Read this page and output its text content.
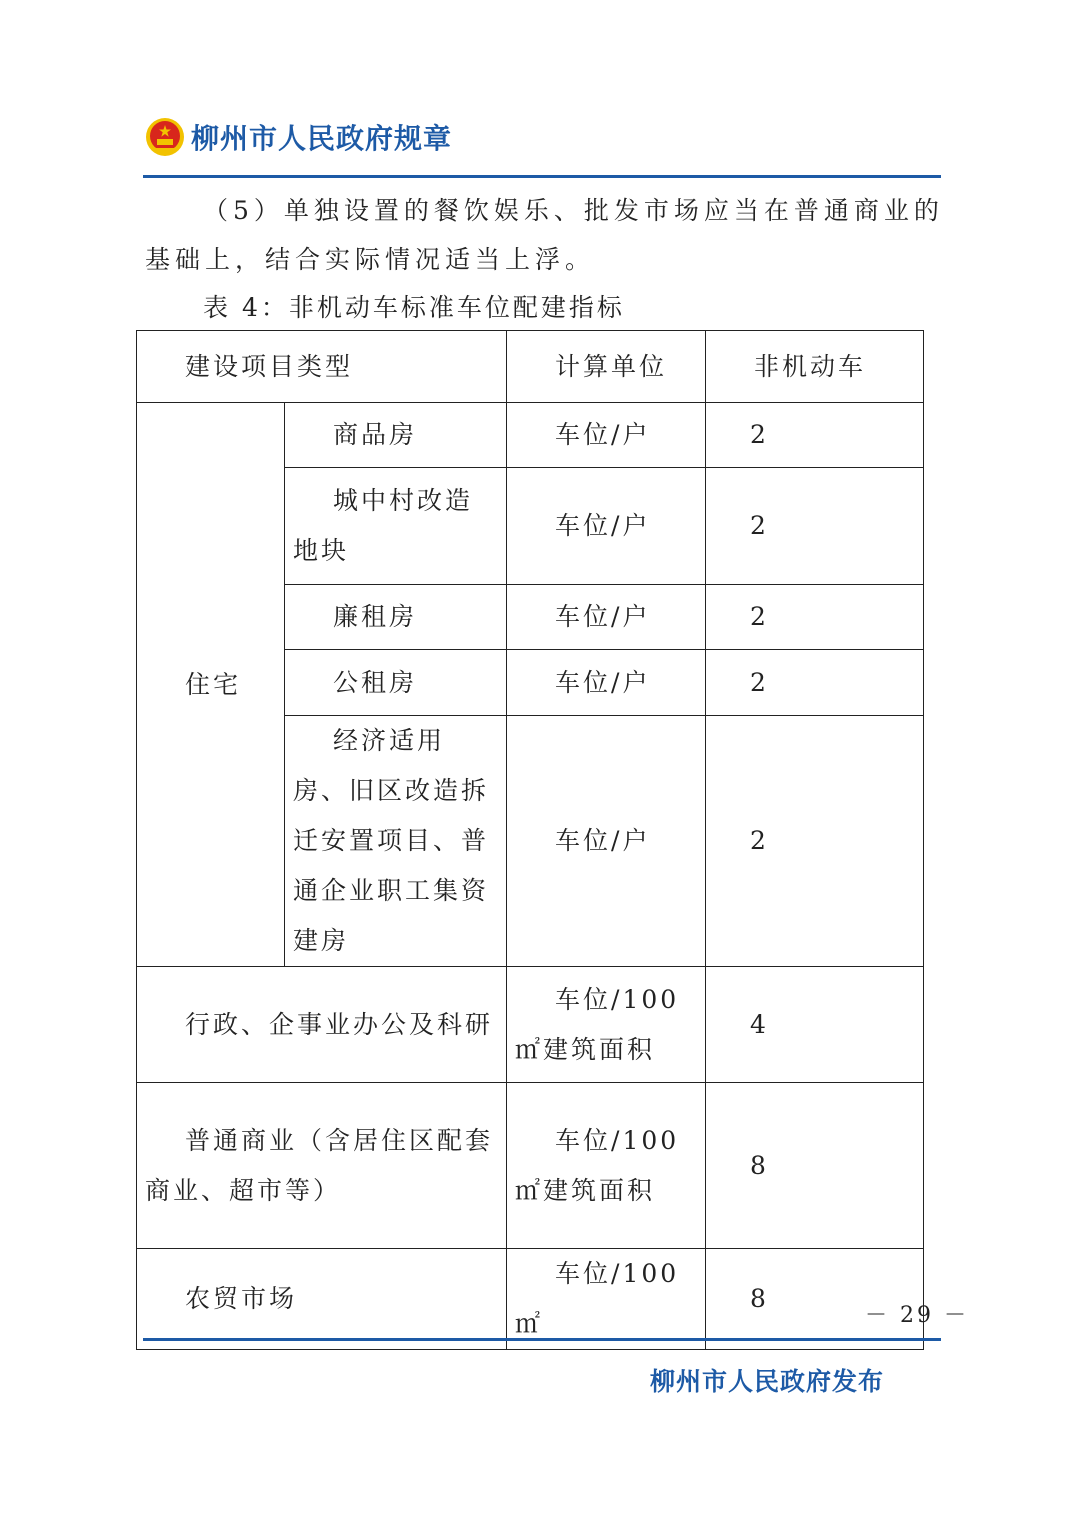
柳州市人民政府规章
（5）单独设置的餐饮娱乐、批发市场应当在普通商业的基础上，结合实际情况适当上浮。
表 4：非机动车标准车位配建指标
建设项目类型		计算单位	非机动车
住宅	商品房	车位/户	2
	城中村改造地块	车位/户	2
	廉租房	车位/户	2
	公租房	车位/户	2
	经济适用房、旧区改造拆迁安置项目、普通企业职工集资建房	车位/户	2
行政、企事业办公及科研		车位/100 ㎡建筑面积	4
普通商业（含居住区配套商业、超市等）		车位/100 ㎡建筑面积	8
农贸市场		车位/100 ㎡	8
－ 29 －
柳州市人民政府发布
